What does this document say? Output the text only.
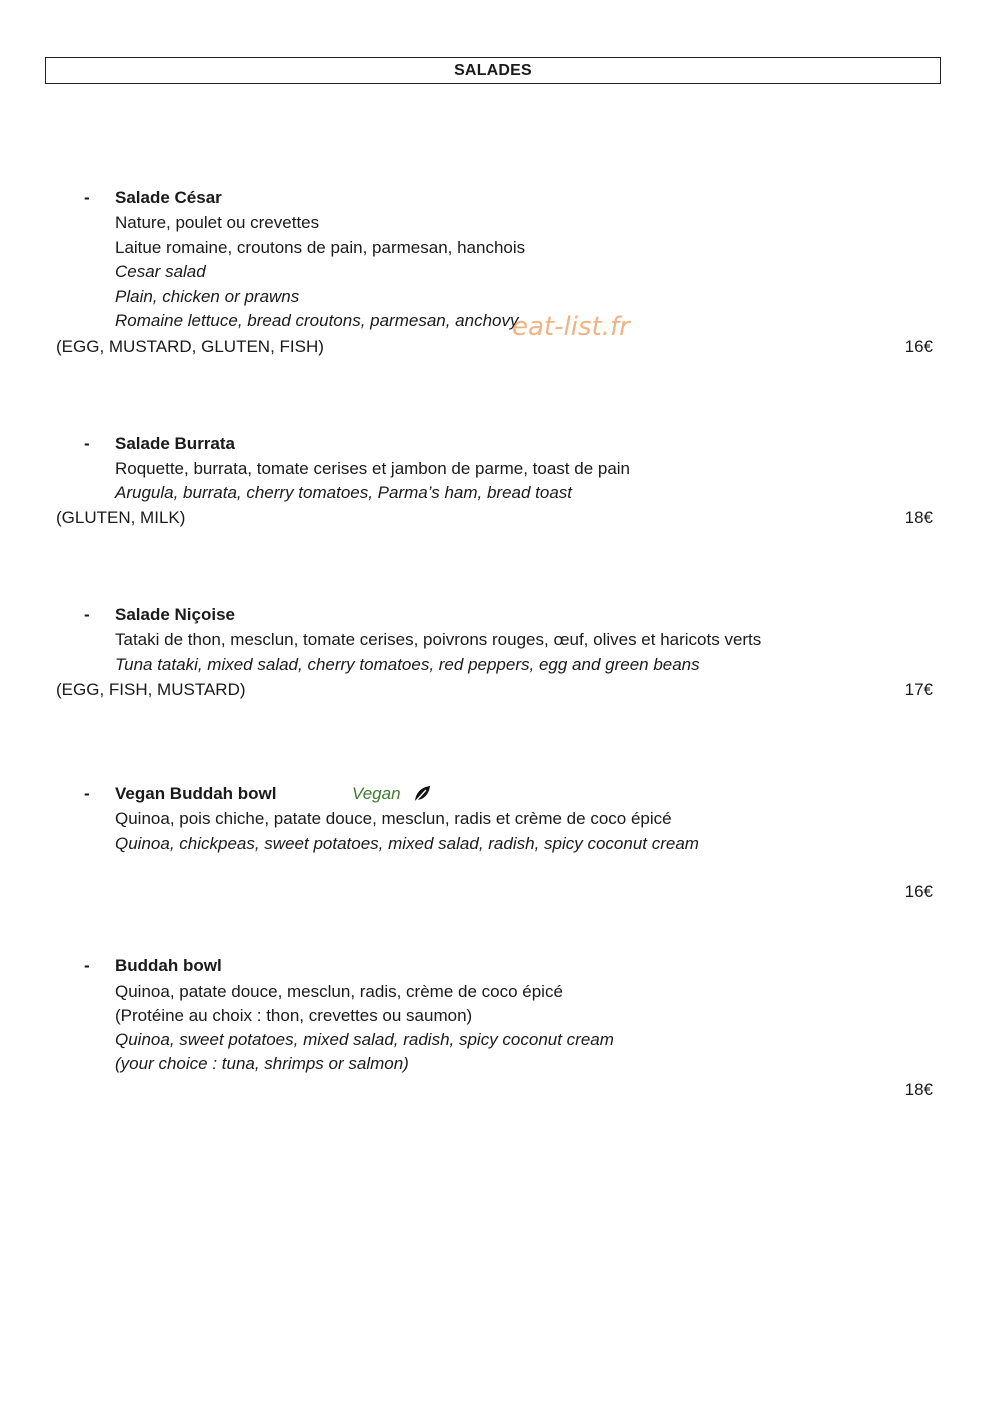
SALADES
- Salade César
Nature, poulet ou crevettes
Laitue romaine, croutons de pain, parmesan, hanchois
Cesar salad
Plain, chicken or prawns
Romaine lettuce, bread croutons, parmesan, anchovy
(EGG, MUSTARD, GLUTEN, FISH)	16€
- Salade Burrata
Roquette, burrata, tomate cerises et jambon de parme, toast de pain
Arugula, burrata, cherry tomatoes, Parma’s ham, bread toast
(GLUTEN, MILK)	18€
- Salade Niçoise
Tataki de thon, mesclun, tomate cerises, poivrons rouges, œuf, olives et haricots verts
Tuna tataki, mixed salad, cherry tomatoes, red peppers, egg and green beans
(EGG, FISH, MUSTARD)	17€
- Vegan Buddah bowl	Vegan
Quinoa, pois chiche, patate douce, mesclun, radis et crème de coco épicé
Quinoa, chickpeas, sweet potatoes, mixed salad, radish, spicy coconut cream
16€
- Buddah bowl
Quinoa, patate douce, mesclun, radis, crème de coco épicé
(Protéine au choix : thon, crevettes ou saumon)
Quinoa, sweet potatoes, mixed salad, radish, spicy coconut cream
(your choice : tuna, shrimps or salmon)
18€
eat-list.fr
